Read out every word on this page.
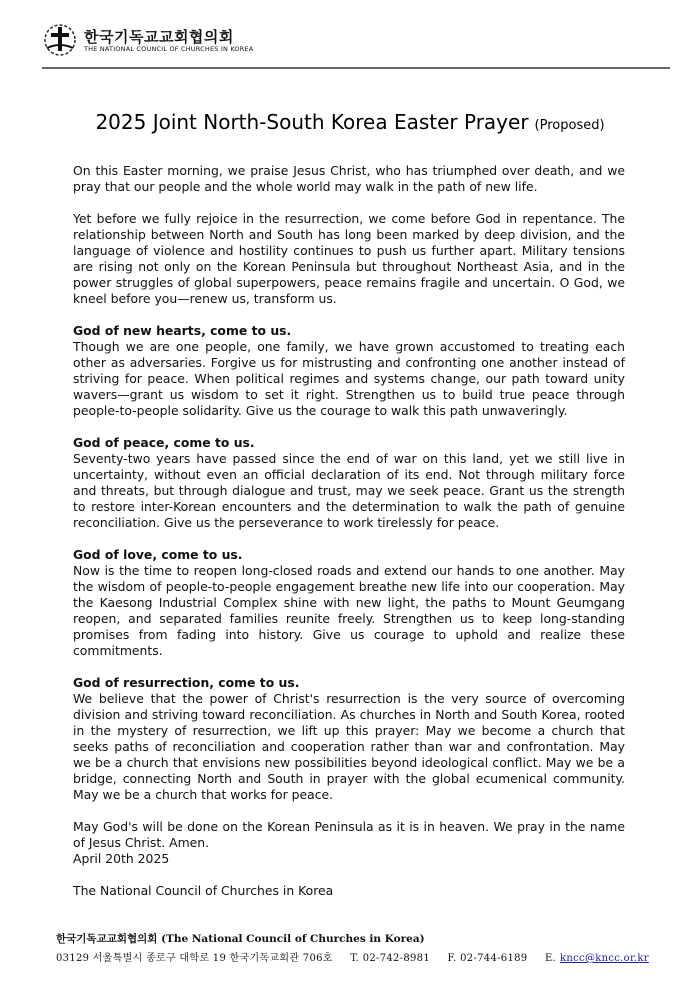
한국기독교교회협의회
THE NATIONAL COUNCIL OF CHURCHES IN KOREA
2025 Joint North-South Korea Easter Prayer (Proposed)

On this Easter morning, we praise Jesus Christ, who has triumphed over death, and we pray that our people and the whole world may walk in the path of new life.

Yet before we fully rejoice in the resurrection, we come before God in repentance. The relationship between North and South has long been marked by deep division, and the language of violence and hostility continues to push us further apart. Military tensions are rising not only on the Korean Peninsula but throughout Northeast Asia, and in the power struggles of global superpowers, peace remains fragile and uncertain. O God, we kneel before you—renew us, transform us.

God of new hearts, come to us.

Though we are one people, one family, we have grown accustomed to treating each other as adversaries. Forgive us for mistrusting and confronting one another instead of striving for peace. When political regimes and systems change, our path toward unity wavers—grant us wisdom to set it right. Strengthen us to build true peace through people-to-people solidarity. Give us the courage to walk this path unwaveringly.

God of peace, come to us.

Seventy-two years have passed since the end of war on this land, yet we still live in uncertainty, without even an official declaration of its end. Not through military force and threats, but through dialogue and trust, may we seek peace. Grant us the strength to restore inter-Korean encounters and the determination to walk the path of genuine reconciliation. Give us the perseverance to work tirelessly for peace.

God of love, come to us.

Now is the time to reopen long-closed roads and extend our hands to one another. May the wisdom of people-to-people engagement breathe new life into our cooperation. May the Kaesong Industrial Complex shine with new light, the paths to Mount Geumgang reopen, and separated families reunite freely. Strengthen us to keep long-standing promises from fading into history. Give us courage to uphold and realize these commitments.

God of resurrection, come to us.

We believe that the power of Christ's resurrection is the very source of overcoming division and striving toward reconciliation. As churches in North and South Korea, rooted in the mystery of resurrection, we lift up this prayer: May we become a church that seeks paths of reconciliation and cooperation rather than war and confrontation. May we be a church that envisions new possibilities beyond ideological conflict. May we be a bridge, connecting North and South in prayer with the global ecumenical community. May we be a church that works for peace.

May God's will be done on the Korean Peninsula as it is in heaven. We pray in the name of Jesus Christ. Amen.

April 20th 2025

The National Council of Churches in Korea

한국기독교교회협의회 (The National Council of Churches in Korea)
03129 서울특별시 종로구 대학로 19 한국기독교회관 706호 T. 02-742-8981 F. 02-744-6189 E. kncc@kncc.or.kr
